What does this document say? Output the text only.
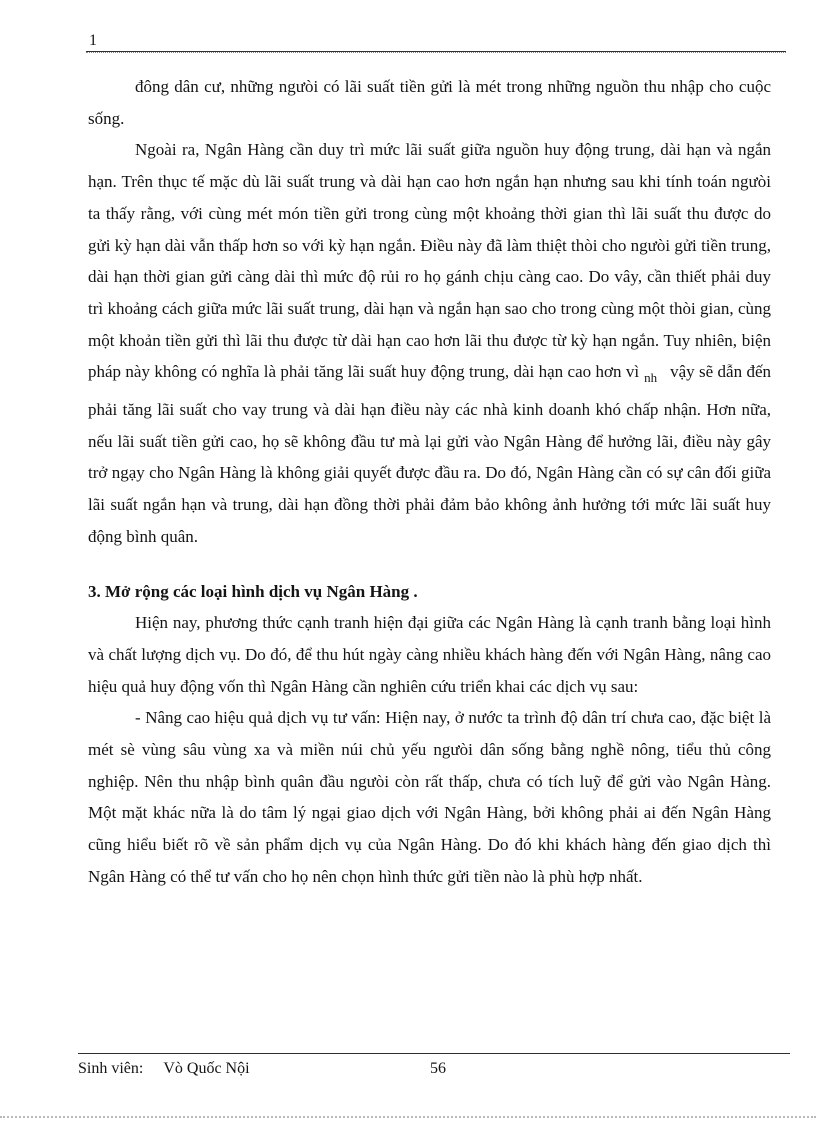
1

đông dân cư, những ngưòi có lãi suất tiền gửi là mét trong những nguồn thu nhập cho cuộc sống.

Ngoài ra, Ngân Hàng cần duy trì mức lãi suất giữa nguồn huy động trung, dài hạn và ngắn hạn. Trên thục tế mặc dù lãi suất trung và dài hạn cao hơn ngắn hạn nhưng sau khi tính toán ngưòi ta thấy rằng, với cùng mét món tiền gửi trong cùng một khoảng thời gian thì lãi suất thu được do gửi kỳ hạn dài vẫn thấp hơn so với kỳ hạn ngắn. Điều này đã làm thiệt thòi cho ngưòi gửi tiền trung, dài hạn thời gian gửi càng dài thì mức độ rủi ro họ gánh chịu càng cao. Do vây, cần thiết phải duy trì khoảng cách giữa mức lãi suất trung, dài hạn và ngắn hạn sao cho trong cùng một thòi gian, cùng một khoản tiền gửi thì lãi thu được từ dài hạn cao hơn lãi thu được từ kỳ hạn ngắn. Tuy nhiên, biện pháp này không có nghĩa là phải tăng lãi suất huy động trung, dài hạn cao hơn vì $_{nh}$ vậy sẽ dẫn đến phải tăng lãi suất cho vay trung và dài hạn điều này các nhà kinh doanh khó chấp nhận. Hơn nữa, nếu lãi suất tiền gửi cao, họ sẽ không đầu tư mà lại gửi vào Ngân Hàng để hưởng lãi, điều này gây trở ngạy cho Ngân Hàng là không giải quyết được đầu ra. Do đó, Ngân Hàng cần có sự cân đối giữa lãi suất ngắn hạn và trung, dài hạn đồng thời phải đảm bảo không ảnh hưởng tới mức lãi suất huy động bình quân.

3. Mở rộng các loại hình dịch vụ Ngân Hàng .

Hiện nay, phương thức cạnh tranh hiện đại giữa các Ngân Hàng là cạnh tranh bằng loại hình và chất lượng dịch vụ. Do đó, để thu hút ngày càng nhiều khách hàng đến với Ngân Hàng, nâng cao hiệu quả huy động vốn thì Ngân Hàng cần nghiên cứu triển khai các dịch vụ sau:

- Nâng cao hiệu quả dịch vụ tư vấn: Hiện nay, ở nước ta trình độ dân trí chưa cao, đặc biệt là mét sè vùng sâu vùng xa và miền núi chủ yếu ngưòi dân sống bằng nghề nông, tiểu thủ công nghiệp. Nên thu nhập bình quân đầu ngưòi còn rất thấp, chưa có tích luỹ để gửi vào Ngân Hàng. Một mặt khác nữa là do tâm lý ngại giao dịch với Ngân Hàng, bởi không phải ai đến Ngân Hàng cũng hiểu biết rõ về sản phẩm dịch vụ của Ngân Hàng. Do đó khi khách hàng đến giao dịch thì Ngân Hàng có thể tư vấn cho họ nên chọn hình thức gửi tiền nào là phù hợp nhất.

Sinh viên: Vò Quốc Nội	56
